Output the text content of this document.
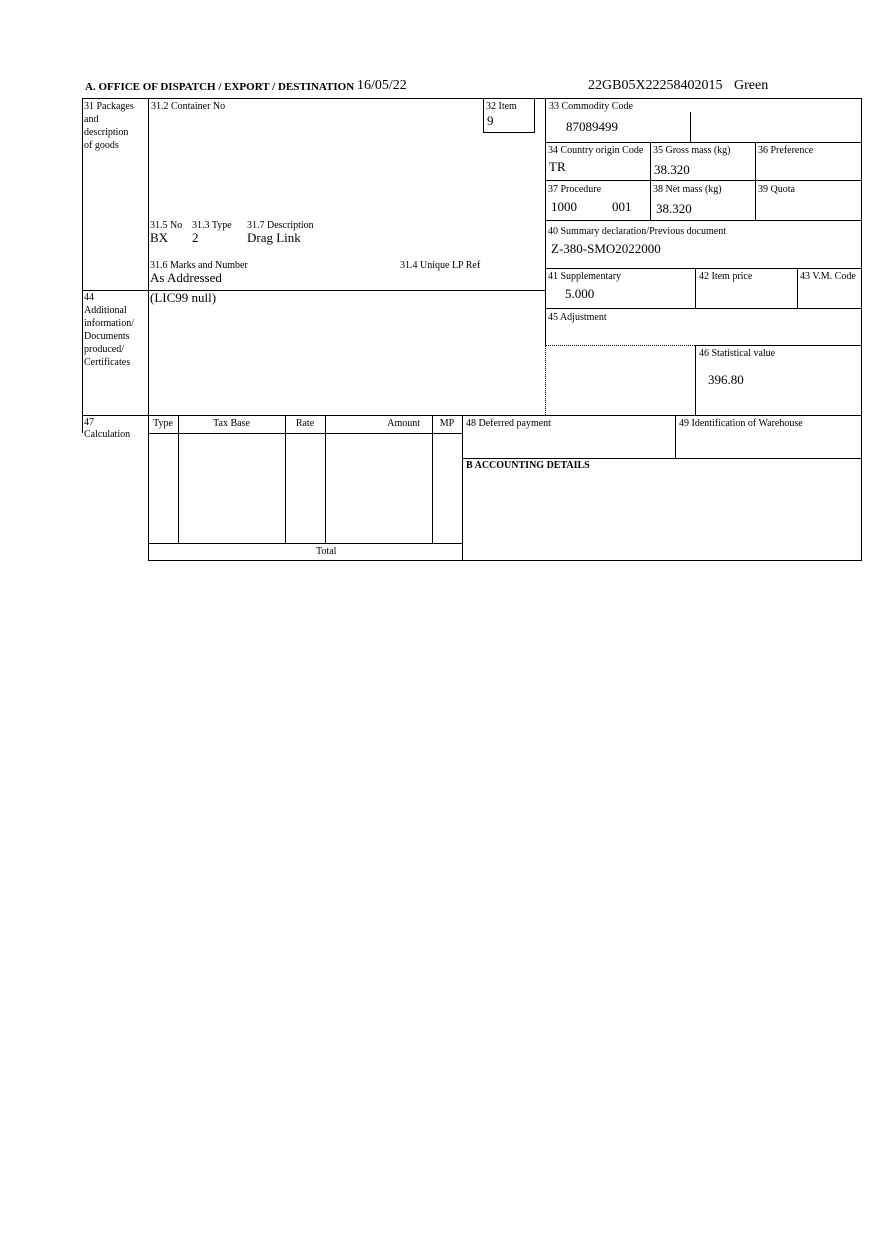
A. OFFICE OF DISPATCH / EXPORT / DESTINATION 16/05/22	22GB05X22258402015 Green
31 Packages
and
description
of goods
31.2 Container No	32 Item
9
33 Commodity Code
87089499
34 Country origin Code
TR
35 Gross mass (kg)
38.320
36 Preference
37 Procedure
1000	001
38 Net mass (kg)
38.320
39 Quota
40 Summary declaration/Previous document
Z-380-SMO2022000
41 Supplementary
5.000
42 Item price	43 V.M. Code
45 Adjustment
46 Statistical value
396.80
31.5 No 31.3 Type 31.7 Description
BX 2	Drag Link
31.6 Marks and Number	31.4 Unique LP Ref
As Addressed
44
Additional
information/
Documents
produced/
Certificates
(LIC99 null)
47
Calculation
Type	Tax Base	Rate	Amount	MP
Total
48 Deferred payment	49 Identification of Warehouse
B ACCOUNTING DETAILS
